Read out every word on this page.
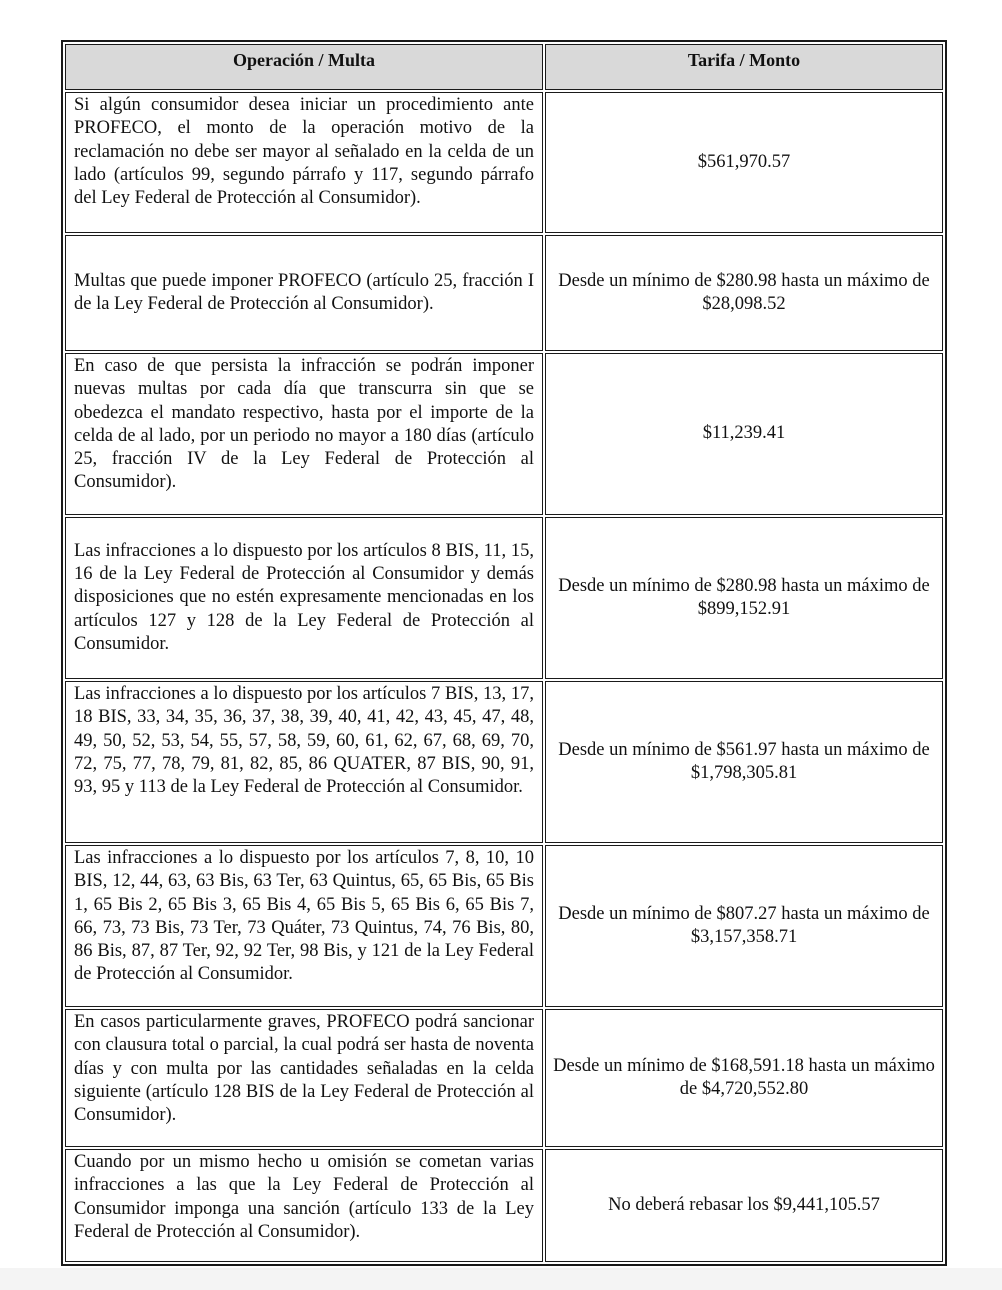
Operación / Multa	Tarifa / Monto
Si algún consumidor desea iniciar un procedimiento ante PROFECO, el monto de la operación motivo de la reclamación no debe ser mayor al señalado en la celda de un lado (artículos 99, segundo párrafo y 117, segundo párrafo del Ley Federal de Protección al Consumidor).
$561,970.57
Multas que puede imponer PROFECO (artículo 25, fracción I de la Ley Federal de Protección al Consumidor).
Desde un mínimo de $280.98 hasta un máximo de $28,098.52
En caso de que persista la infracción se podrán imponer nuevas multas por cada día que transcurra sin que se obedezca el mandato respectivo, hasta por el importe de la celda de al lado, por un periodo no mayor a 180 días (artículo 25, fracción IV de la Ley Federal de Protección al Consumidor).
$11,239.41
Las infracciones a lo dispuesto por los artículos 8 BIS, 11, 15, 16 de la Ley Federal de Protección al Consumidor y demás disposiciones que no estén expresamente mencionadas en los artículos 127 y 128 de la Ley Federal de Protección al Consumidor.
Desde un mínimo de $280.98 hasta un máximo de $899,152.91
Las infracciones a lo dispuesto por los artículos 7 BIS, 13, 17, 18 BIS, 33, 34, 35, 36, 37, 38, 39, 40, 41, 42, 43, 45, 47, 48, 49, 50, 52, 53, 54, 55, 57, 58, 59, 60, 61, 62, 67, 68, 69, 70, 72, 75, 77, 78, 79, 81, 82, 85, 86 QUATER, 87 BIS, 90, 91, 93, 95 y 113 de la Ley Federal de Protección al Consumidor.
Desde un mínimo de $561.97 hasta un máximo de $1,798,305.81
Las infracciones a lo dispuesto por los artículos 7, 8, 10, 10 BIS, 12, 44, 63, 63 Bis, 63 Ter, 63 Quintus, 65, 65 Bis, 65 Bis 1, 65 Bis 2, 65 Bis 3, 65 Bis 4, 65 Bis 5, 65 Bis 6, 65 Bis 7, 66, 73, 73 Bis, 73 Ter, 73 Quáter, 73 Quintus, 74, 76 Bis, 80, 86 Bis, 87, 87 Ter, 92, 92 Ter, 98 Bis, y 121 de la Ley Federal de Protección al Consumidor.
Desde un mínimo de $807.27 hasta un máximo de $3,157,358.71
En casos particularmente graves, PROFECO podrá sancionar con clausura total o parcial, la cual podrá ser hasta de noventa días y con multa por las cantidades señaladas en la celda siguiente (artículo 128 BIS de la Ley Federal de Protección al Consumidor).
Desde un mínimo de $168,591.18 hasta un máximo de $4,720,552.80
Cuando por un mismo hecho u omisión se cometan varias infracciones a las que la Ley Federal de Protección al Consumidor imponga una sanción (artículo 133 de la Ley Federal de Protección al Consumidor).
No deberá rebasar los $9,441,105.57
